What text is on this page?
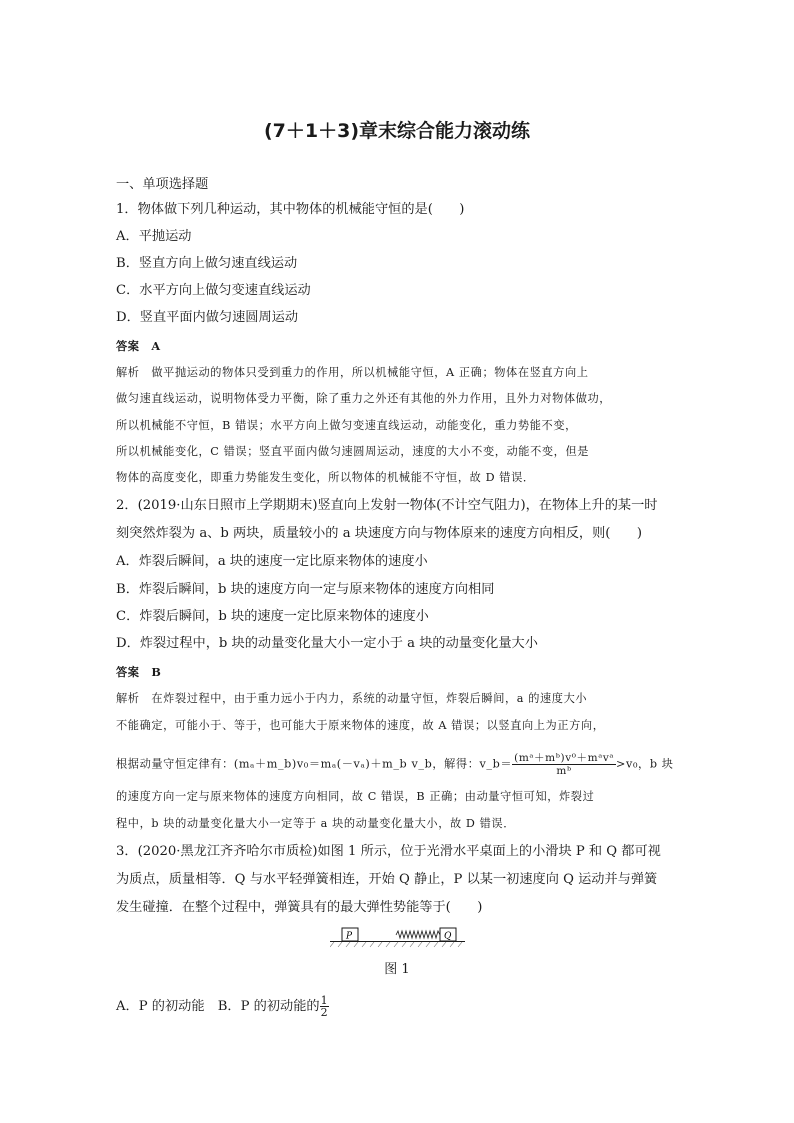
(7＋1＋3)章末综合能力滚动练
一、单项选择题
1．物体做下列几种运动，其中物体的机械能守恒的是(　　)
A．平抛运动
B．竖直方向上做匀速直线运动
C．水平方向上做匀变速直线运动
D．竖直平面内做匀速圆周运动
答案　A
解析　做平抛运动的物体只受到重力的作用，所以机械能守恒，A 正确；物体在竖直方向上
做匀速直线运动，说明物体受力平衡，除了重力之外还有其他的外力作用，且外力对物体做功，
所以机械能不守恒，B 错误；水平方向上做匀变速直线运动，动能变化，重力势能不变，
所以机械能变化，C 错误；竖直平面内做匀速圆周运动，速度的大小不变，动能不变，但是
物体的高度变化，即重力势能发生变化，所以物体的机械能不守恒，故 D 错误．
2．(2019·山东日照市上学期期末)竖直向上发射一物体(不计空气阻力)，在物体上升的某一时
刻突然炸裂为 a、b 两块，质量较小的 a 块速度方向与物体原来的速度方向相反，则(　　)
A．炸裂后瞬间，a 块的速度一定比原来物体的速度小
B．炸裂后瞬间，b 块的速度方向一定与原来物体的速度方向相同
C．炸裂后瞬间，b 块的速度一定比原来物体的速度小
D．炸裂过程中，b 块的动量变化量大小一定小于 a 块的动量变化量大小
答案　B
解析　在炸裂过程中，由于重力远小于内力，系统的动量守恒，炸裂后瞬间，a 的速度大小
不能确定，可能小于、等于，也可能大于原来物体的速度，故 A 错误；以竖直向上为正方向，
根据动量守恒定律有：(mₐ＋m_b)v₀＝mₐ(－vₐ)＋m_b v_b，解得：v_b＝ $\frac{\text{(mᵃ＋mᵇ)v⁰＋mᵃvᵃ}}{\text{mᵇ}} >v_0$，b 块
的速度方向一定与原来物体的速度方向相同，故 C 错误，B 正确；由动量守恒可知，炸裂过
程中，b 块的动量变化量大小一定等于 a 块的动量变化量大小，故 D 错误．
3．(2020·黑龙江齐齐哈尔市质检)如图 1 所示，位于光滑水平桌面上的小滑块 P 和 Q 都可视
为质点，质量相等．Q 与水平轻弹簧相连，开始 Q 静止，P 以某一初速度向 Q 运动并与弹簧
发生碰撞．在整个过程中，弹簧具有的最大弹性势能等于(　　)
P	Q
图 1
A．P 的初动能　B．P 的初动能的 $\frac{1}{2}$
